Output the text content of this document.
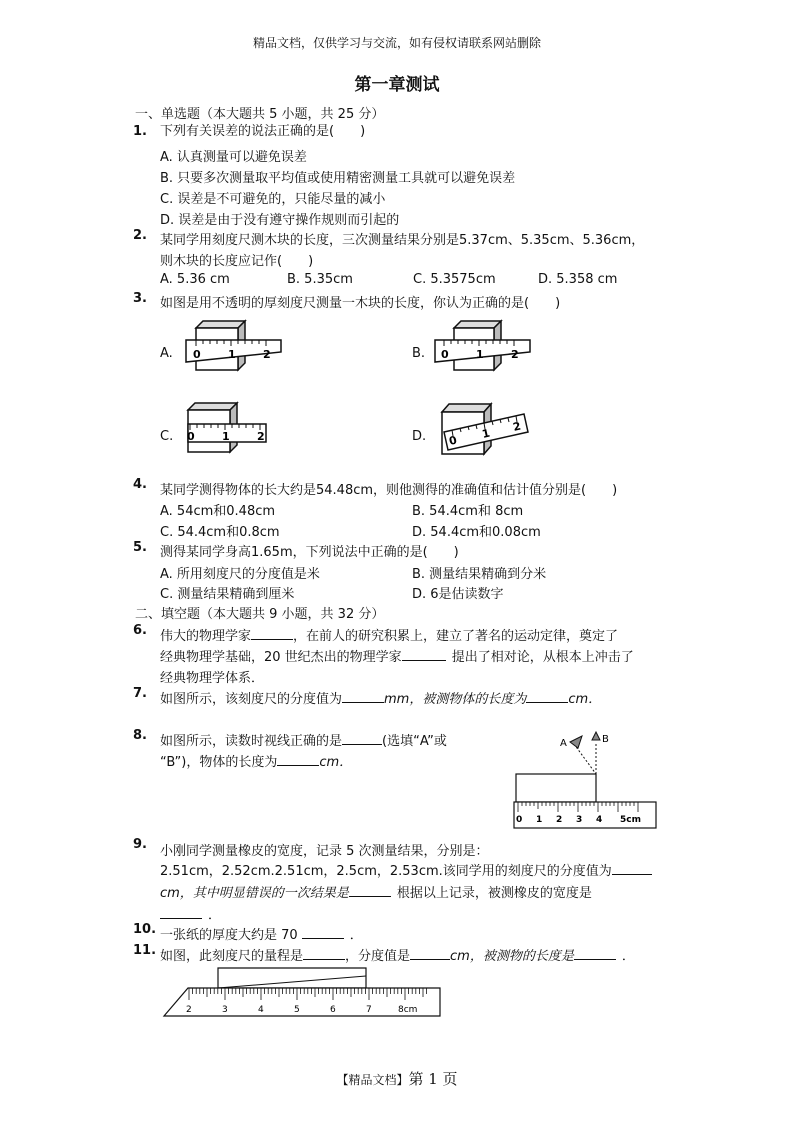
精品文档，仅供学习与交流，如有侵权请联系网站删除
第一章测试
一、单选题（本大题共 5 小题，共 25 分）
1. 下列有关误差的说法正确的是(　　)
A. 认真测量可以避免误差
B. 只要多次测量取平均值或使用精密测量工具就可以避免误差
C. 误差是不可避免的，只能尽量的减小
D. 误差是由于没有遵守操作规则而引起的
2. 某同学用刻度尺测木块的长度，三次测量结果分别是5.37cm、5.35cm、5.36cm，
则木块的长度应记作(　　)
A. 5.36 cm	B. 5.35cm	C. 5.3575cm	D. 5.358 cm
3. 如图是用不透明的厚刻度尺测量一木块的长度，你认为正确的是(　　)
A. 0 1 2	B. 0 1 2
C. 0 1 2	D. 0 1 2
4. 某同学测得物体的长大约是54.48cm，则他测得的准确值和估计值分别是(　　)
A. 54cm和0.48cm	B. 54.4cm和 8cm
C. 54.4cm和0.8cm	D. 54.4cm和0.08cm
5. 测得某同学身高1.65m，下列说法中正确的是(　　)
A. 所用刻度尺的分度值是米	B. 测量结果精确到分米
C. 测量结果精确到厘米	D. 6是估读数字
二、填空题（本大题共 9 小题，共 32 分）
6. 伟大的物理学家	，在前人的研究积累上，建立了著名的运动定律，奠定了
经典物理学基础，20 世纪杰出的物理学家	提出了相对论，从根本上冲击了
经典物理学体系．
7. 如图所示，该刻度尺的分度值为	mm，被测物体的长度为	cm．
8. 如图所示，读数时视线正确的是	(选填“A”或
“B”)，物体的长度为	cm．
A	B
0 1 2 3 4 5cm
9. 小刚同学测量橡皮的宽度，记录 5 次测量结果，分别是：
2.51cm，2.52cm.2.51cm，2.5cm，2.53cm.该同学用的刻度尺的分度值为
cm，其中明显错误的一次结果是	根据以上记录，被测橡皮的宽度是
．
10. 一张纸的厚度大约是 70	．
11. 如图，此刻度尺的量程是	，分度值是	cm，被测物的长度是	．
2	3	4	5	6	7	8cm
【精品文档】第 1 页
